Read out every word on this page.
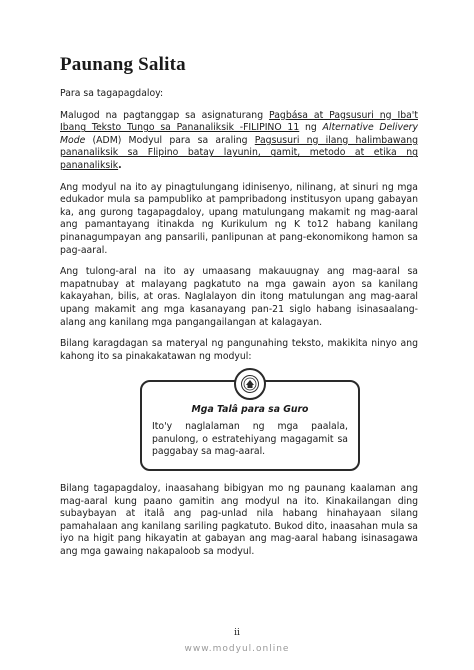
Paunang Salita

Para sa tagapagdaloy:

Malugod na pagtanggap sa asignaturang Pagbása at Pagsusuri ng Iba't Ibang Teksto Tungo sa Pananaliksik -FILIPINO 11 ng Alternative Delivery Mode (ADM) Modyul para sa araling Pagsusuri ng ilang halimbawang pananaliksik sa Flipino batay layunin, gamit, metodo at etika ng pananaliksik.

Ang modyul na ito ay pinagtulungang idinisenyo, nilinang, at sinuri ng mga edukador mula sa pampubliko at pampribadong institusyon upang gabayan ka, ang gurong tagapagdaloy, upang matulungang makamit ng mag-aaral ang pamantayang itinakda ng Kurikulum ng K to12 habang kanilang pinanagumpayan ang pansarili, panlipunan at pang-ekonomikong hamon sa pag-aaral.

Ang tulong-aral na ito ay umaasang makauugnay ang mag-aaral sa mapatnubay at malayang pagkatuto na mga gawain ayon sa kanilang kakayahan, bilis, at oras. Naglalayon din itong matulungan ang mag-aaral upang makamit ang mga kasanayang pan-21 siglo habang isinasaalang-alang ang kanilang mga pangangailangan at kalagayan.

Bilang karagdagan sa materyal ng pangunahing teksto, makikita ninyo ang kahong ito sa pinakakatawan ng modyul:

Mga Talâ para sa Guro

Ito'y naglalaman ng mga paalala, panulong, o estratehiyang magagamit sa paggabay sa mag-aaral.

Bilang tagapagdaloy, inaasahang bibigyan mo ng paunang kaalaman ang mag-aaral kung paano gamitin ang modyul na ito. Kinakailangan ding subaybayan at italâ ang pag-unlad nila habang hinahayaan silang pamahalaan ang kanilang sariling pagkatuto. Bukod dito, inaasahan mula sa iyo na higit pang hikayatin at gabayan ang mag-aaral habang isinasagawa ang mga gawaing nakapaloob sa modyul.

ii
www.modyul.online
